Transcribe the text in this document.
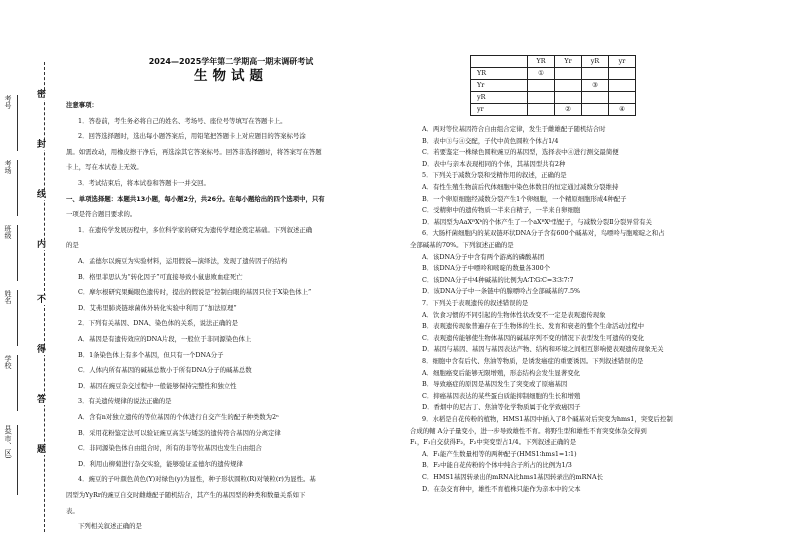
密
封
线
内
不
得
答
题
考号
考场
班级
姓名
学校
县(市、区)
2024—2025学年第二学期高一期末调研考试
生物试题
注意事项：
1．答卷前，考生务必将自己的姓名、考场号、座位号等填写在答题卡上。
2．回答选择题时，选出每小题答案后，用铅笔把答题卡上对应题目的答案标号涂
黑。如需改动，用橡皮擦干净后，再选涂其它答案标号。回答非选择题时，将答案写在答题
卡上，写在本试卷上无效。
3．考试结束后，将本试卷和答题卡一并交回。
一、单项选择题：本题共13小题，每小题2分，共26分。在每小题给出的四个选项中，只有
一项是符合题目要求的。
1．在遗传学发展历程中，多位科学家的研究为遗传学理论奠定基础。下列叙述正确
的是
A．孟德尔以豌豆为实验材料，运用假说—演绎法，发现了遗传因子的结构
B．格里菲思认为“转化因子”可直接导致小鼠患败血症死亡
C．摩尔根研究果蝇眼色遗传时，提出的假说是“控制白眼的基因只位于X染色体上”
D．艾弗里肺炎链球菌体外转化实验中利用了“加法原理”
2．下列有关基因、DNA、染色体的关系，说法正确的是
A．基因是有遗传效应的DNA片段，一般位于非同源染色体上
B．1条染色体上有多个基因，但只有一个DNA分子
C．人体内所有基因的碱基总数小于所有DNA分子的碱基总数
D．基因在豌豆杂交过程中一般能够保持完整性和独立性
3．有关遗传规律的说法正确的是
A．含有n对独立遗传的等位基因的个体进行自交产生的配子种类数为2ⁿ
B．采用花粉鉴定法可以验证豌豆高茎与矮茎的遗传符合基因的分离定律
C．非同源染色体自由组合时，所有的非等位基因也发生自由组合
D．利用山柳菊进行杂交实验，能够验证孟德尔的遗传规律
4．豌豆的子叶颜色黄色(Y)对绿色(y)为显性，种子形状圆粒(R)对皱粒(r)为显性。基
因型为YyRr的豌豆自交时雌雄配子随机结合，其产生的基因型的种类和数量关系如下
表。
下列相关叙述正确的是
	YR	Yr	yR	yr
YR	①			
Yr			③	
yR				
yr		②		④
A．两对等位基因符合自由组合定律，发生于雌雄配子随机结合时
B．表中③与④交配，子代中黄色圆粒个体占1/4
C．若要鉴定一株绿色圆粒豌豆的基因型，选择表中④进行测交最简便
D．表中与亲本表现相同的个体，其基因型共有2种
5．下列关于减数分裂和受精作用的叙述，正确的是
A．有性生殖生物前后代体细胞中染色体数目的恒定通过减数分裂维持
B．一个卵原细胞经减数分裂产生1个卵细胞，一个精原细胞形成4种配子
C．受精卵中的遗传物质一半来自精子，一半来自卵细胞
D．基因型为AaXᴮXᵇ的个体产生了一个aXᴮXᵇ型配子，与减数分裂Ⅱ分裂异常有关
6．大肠杆菌细胞内的某双链环状DNA分子含有600个碱基对，鸟嘌呤与胞嘧啶之和占
全部碱基的70%。下列叙述正确的是
A．该DNA分子中含有两个游离的磷酸基团
B．该DNA分子中嘌呤和嘧啶的数量各300个
C．该DNA分子中4种碱基的比例为A∶T∶G∶C=3∶3∶7∶7
D．该DNA分子中一条链中的腺嘌呤占全部碱基的7.5%
7．下列关于表观遗传的叙述错误的是
A．饮食习惯的不同引起的生物体性状改变不一定是表观遗传现象
B．表观遗传现象普遍存在于生物体的生长、发育和衰老的整个生命活动过程中
C．表观遗传能够使生物体基因的碱基序列不变的情况下表型发生可遗传的变化
D．基因与基因、基因与基因表达产物、结构和环境之间相互影响使表观遗传现象无关
8．细胞中含有后代、焦油等物质，是诱发癌症的重要诱因。下列叙述错误的是
A．细胞癌变后能够无限增殖，形态结构会发生显著变化
B．导致癌症的原因是基因发生了突变或了原癌基因
C．抑癌基因表达的某些蛋白质能抑制细胞的生长和增殖
D．香烟中的尼古丁、焦油等化学物质属于化学致癌因子
9．水稻是自花传粉的植物，HMS1基因中插入了8个碱基对后突变为hms1，突变后控制
合成的輔 A分子量变小，进一步导致雄性不育。将野生型和雄性不育突变体杂交得到
F₁，F₁自交获得F₂，F₂中突变型占1/4。下列叙述正确的是
A．F₁能产生数量相等的两种配子(HMS1∶hms1=1∶1)
B．F₂中能自花传粉的个体中纯合子所占的比例为1/3
C．HMS1基因转录出的mRNA比hms1基因转录出的mRNA长
D．在杂交育种中，雄性不育植株只能作为亲本中的父本
